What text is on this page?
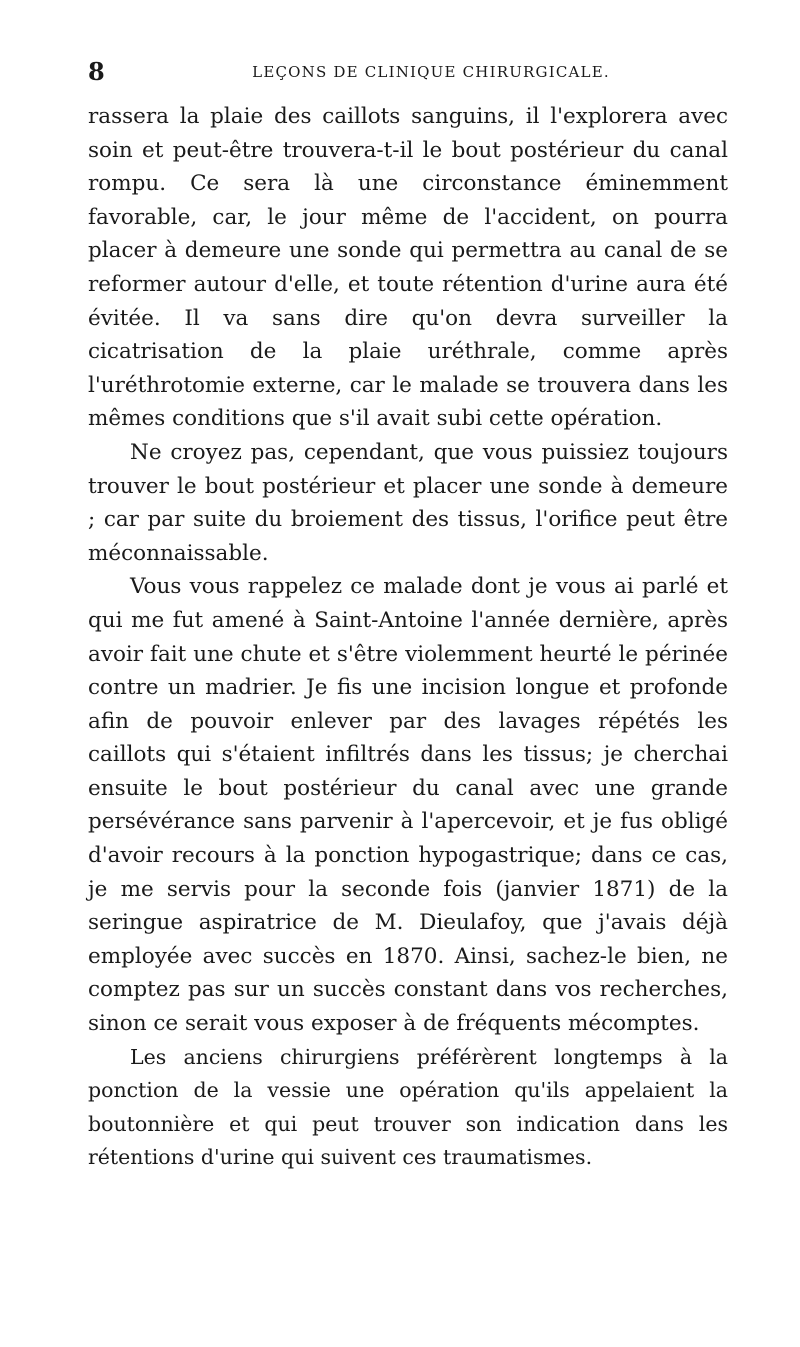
8	LEÇONS DE CLINIQUE CHIRURGICALE.

rassera la plaie des caillots sanguins, il l'explorera avec soin et peut-être trouvera-t-il le bout postérieur du canal rompu. Ce sera là une circonstance éminemment favorable, car, le jour même de l'accident, on pourra placer à demeure une sonde qui permettra au canal de se reformer autour d'elle, et toute rétention d'urine aura été évitée. Il va sans dire qu'on devra surveiller la cicatrisation de la plaie uréthrale, comme après l'uréthrotomie externe, car le malade se trouvera dans les mêmes conditions que s'il avait subi cette opération.

Ne croyez pas, cependant, que vous puissiez toujours trouver le bout postérieur et placer une sonde à demeure ; car par suite du broiement des tissus, l'orifice peut être méconnaissable.

Vous vous rappelez ce malade dont je vous ai parlé et qui me fut amené à Saint-Antoine l'année dernière, après avoir fait une chute et s'être violemment heurté le périnée contre un madrier. Je fis une incision longue et profonde afin de pouvoir enlever par des lavages répétés les caillots qui s'étaient infiltrés dans les tissus; je cherchai ensuite le bout postérieur du canal avec une grande persévérance sans parvenir à l'apercevoir, et je fus obligé d'avoir recours à la ponction hypogastrique; dans ce cas, je me servis pour la seconde fois (janvier 1871) de la seringue aspiratrice de M. Dieulafoy, que j'avais déjà employée avec succès en 1870. Ainsi, sachez-le bien, ne comptez pas sur un succès constant dans vos recherches, sinon ce serait vous exposer à de fréquents mécomptes.

Les anciens chirurgiens préférèrent longtemps à la ponction de la vessie une opération qu'ils appelaient la boutonnière et qui peut trouver son indication dans les rétentions d'urine qui suivent ces traumatismes.
